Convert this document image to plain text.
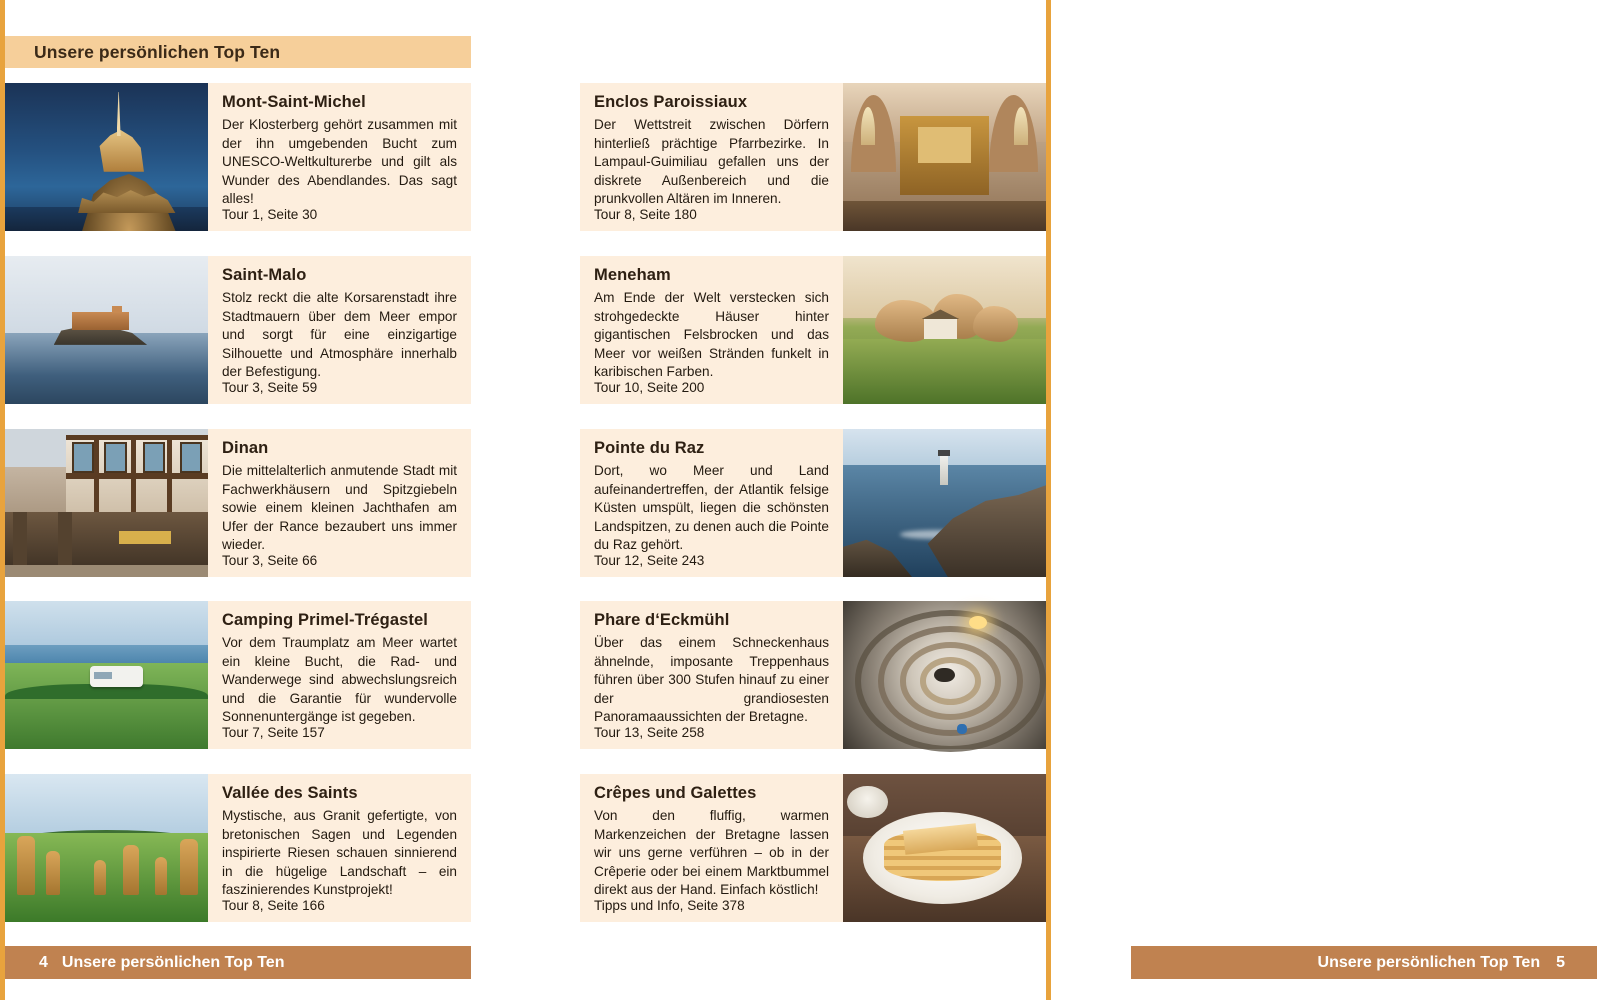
Unsere persönlichen Top Ten
Mont-Saint-Michel

Der Klosterberg gehört zusammen mit der ihn umgebenden Bucht zum UNESCO-Weltkulturerbe und gilt als Wunder des Abendlandes. Das sagt alles!

Tour 1, Seite 30

Saint-Malo

Stolz reckt die alte Korsarenstadt ihre Stadtmauern über dem Meer empor und sorgt für eine einzigartige Silhouette und Atmosphäre innerhalb der Befestigung.

Tour 3, Seite 59

Dinan

Die mittelalterlich anmutende Stadt mit Fachwerkhäusern und Spitzgiebeln sowie einem kleinen Jachthafen am Ufer der Rance bezaubert uns immer wieder.

Tour 3, Seite 66

Camping Primel-Trégastel

Vor dem Traumplatz am Meer wartet ein kleine Bucht, die Rad- und Wanderwege sind abwechslungsreich und die Garantie für wundervolle Sonnenuntergänge ist gegeben.

Tour 7, Seite 157

Vallée des Saints

Mystische, aus Granit gefertigte, von bretonischen Sagen und Legenden inspirierte Riesen schauen sinnierend in die hügelige Landschaft – ein faszinierendes Kunstprojekt!

Tour 8, Seite 166

4 Unsere persönlichen Top Ten
Enclos Paroissiaux

Der Wettstreit zwischen Dörfern hinterließ prächtige Pfarrbezirke. In Lampaul-Guimiliau gefallen uns der diskrete Außenbereich und die prunkvollen Altären im Inneren.

Tour 8, Seite 180

Meneham

Am Ende der Welt verstecken sich strohgedeckte Häuser hinter gigantischen Felsbrocken und das Meer vor weißen Stränden funkelt in karibischen Farben.

Tour 10, Seite 200

Pointe du Raz

Dort, wo Meer und Land aufeinandertreffen, der Atlantik felsige Küsten umspült, liegen die schönsten Landspitzen, zu denen auch die Pointe du Raz gehört.

Tour 12, Seite 243

Phare d‘Eckmühl

Über das einem Schneckenhaus ähnelnde, imposante Treppenhaus führen über 300 Stufen hinauf zu einer der grandiosesten Panoramaaussichten der Bretagne.

Tour 13, Seite 258

Crêpes und Galettes

Von den fluffig, warmen Markenzeichen der Bretagne lassen wir uns gerne verführen – ob in der Crêperie oder bei einem Marktbummel direkt aus der Hand. Einfach köstlich!

Tipps und Info, Seite 378

Unsere persönlichen Top Ten 5
